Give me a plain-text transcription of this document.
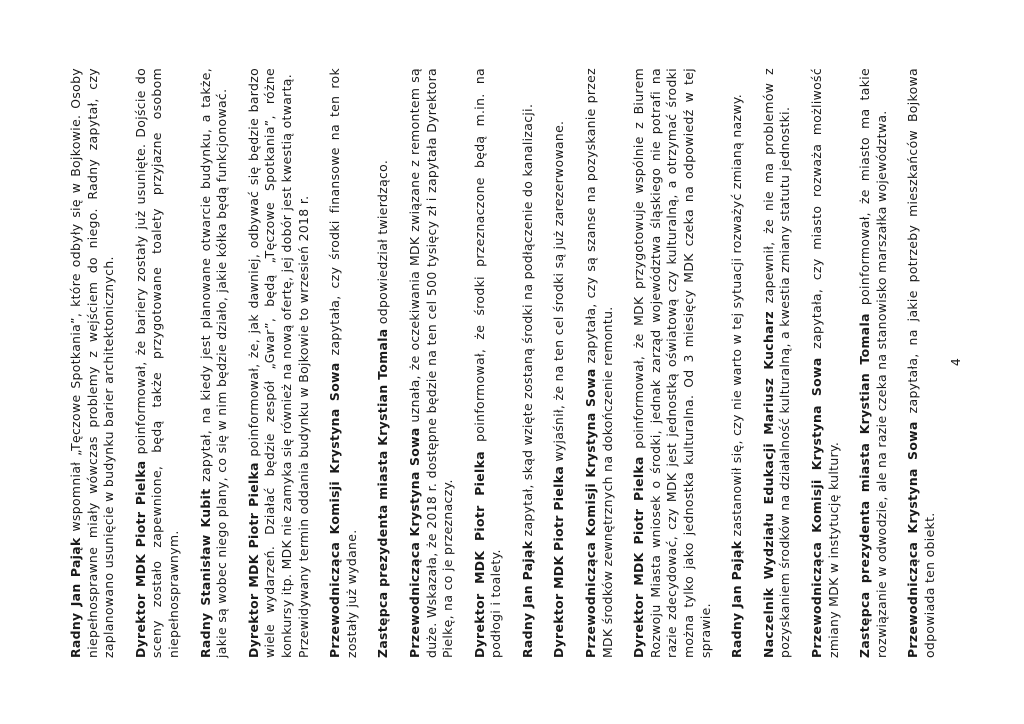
Radny Jan Pająk wspomniał „Tęczowe Spotkania”, które odbyły się w Bojkowie. Osoby niepełnosprawne miały wówczas problemy z wejściem do niego. Radny zapytał, czy zaplanowano usunięcie w budynku barier architektonicznych. Dyrektor MDK Piotr Pielka poinformował, że bariery zostały już usunięte. Dojście do sceny zostało zapewnione, będą także przygotowane toalety przyjazne osobom niepełnosprawnym. Radny Stanisław Kubit zapytał, na kiedy jest planowane otwarcie budynku, a także, jakie są wobec niego plany, co się w nim będzie działo, jakie kółka będą funkcjonować. Dyrektor MDK Piotr Pielka poinformował, że, jak dawniej, odbywać się będzie bardzo wiele wydarzeń. Działać będzie zespół „Gwar”, będą „Tęczowe Spotkania”, różne konkursy itp. MDK nie zamyka się również na nową ofertę, jej dobór jest kwestią otwartą. Przewidywany termin oddania budynku w Bojkowie to wrzesień 2018 r. Przewodnicząca Komisji Krystyna Sowa zapytała, czy środki finansowe na ten rok zostały już wydane. Zastępca prezydenta miasta Krystian Tomala odpowiedział twierdząco.

Przewodnicząca Krystyna Sowa uznała, że oczekiwania MDK związane z remontem są duże. Wskazała, że 2018 r. dostępne będzie na ten cel 500 tysięcy zł i zapytała Dyrektora Pielkę, na co je przeznaczy. Dyrektor MDK Piotr Pielka poinformował, że środki przeznaczone będą m.in. na podłogi i toalety. Radny Jan Pająk zapytał, skąd wzięte zostaną środki na podłączenie do kanalizacji.

Dyrektor MDK Piotr Pielka wyjaśnił, że na ten cel środki są już zarezerwowane.

Przewodnicząca Komisji Krystyna Sowa zapytała, czy są szanse na pozyskanie przez MDK środków zewnętrznych na dokończenie remontu. Dyrektor MDK Piotr Pielka poinformował, że MDK przygotowuje wspólnie z Biurem Rozwoju Miasta wniosek o środki, jednak zarząd województwa śląskiego nie potrafi na razie zdecydować, czy MDK jest jednostką oświatową czy kulturalną, a otrzymać środki można tylko jako jednostka kulturalna. Od 3 miesięcy MDK czeka na odpowiedź w tej sprawie. Radny Jan Pająk zastanowił się, czy nie warto w tej sytuacji rozważyć zmianą nazwy. Naczelnik Wydziału Edukacji Mariusz Kucharz zapewnił, że nie ma problemów z pozyskaniem środków na działalność kulturalną, a kwestia zmiany statutu jednostki. Przewodnicząca Komisji Krystyna Sowa zapytała, czy miasto rozważa możliwość zmiany MDK w instytucję kultury. Zastępca prezydenta miasta Krystian Tomala poinformował, że miasto ma takie rozwiązanie w odwodzie, ale na razie czeka na stanowisko marszałka województwa. Przewodnicząca Krystyna Sowa zapytała, na jakie potrzeby mieszkańców Bojkowa odpowiada ten obiekt.

4
